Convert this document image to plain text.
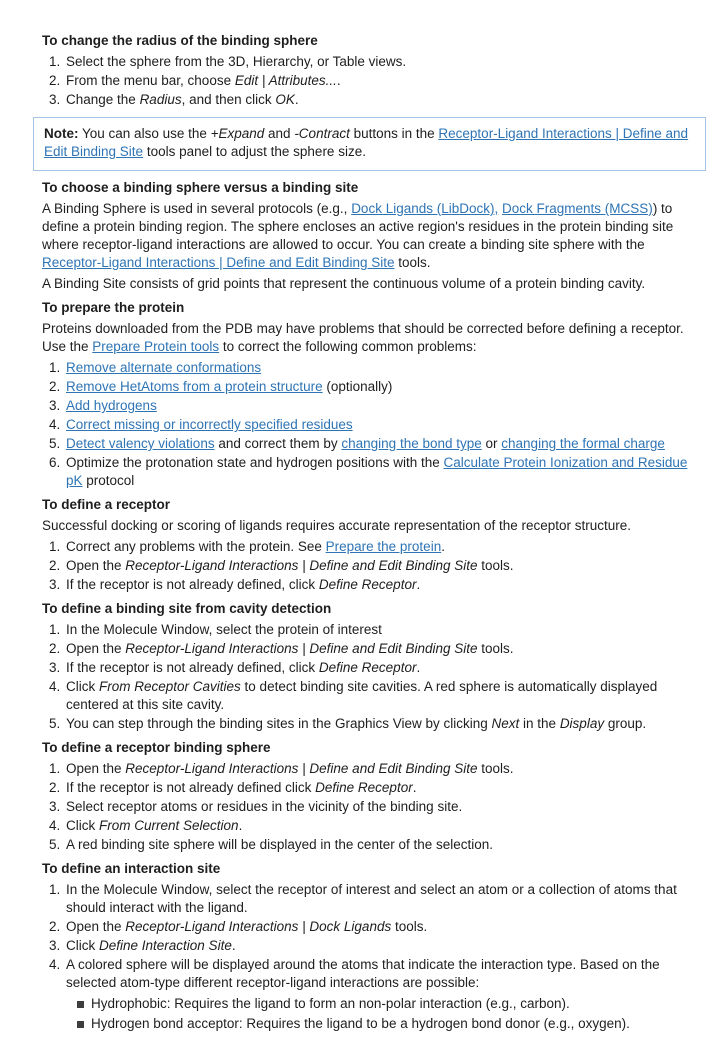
To change the radius of the binding sphere
1. Select the sphere from the 3D, Hierarchy, or Table views.
2. From the menu bar, choose Edit | Attributes....
3. Change the Radius, and then click OK.

Note: You can also use the +Expand and -Contract buttons in the Receptor-Ligand Interactions | Define and Edit Binding Site tools panel to adjust the sphere size.

To choose a binding sphere versus a binding site

A Binding Sphere is used in several protocols (e.g., Dock Ligands (LibDock), Dock Fragments (MCSS)) to define a protein binding region. The sphere encloses an active region's residues in the protein binding site where receptor-ligand interactions are allowed to occur. You can create a binding site sphere with the Receptor-Ligand Interactions | Define and Edit Binding Site tools.

A Binding Site consists of grid points that represent the continuous volume of a protein binding cavity.

To prepare the protein

Proteins downloaded from the PDB may have problems that should be corrected before defining a receptor. Use the Prepare Protein tools to correct the following common problems:

1. Remove alternate conformations
2. Remove HetAtoms from a protein structure (optionally)
3. Add hydrogens
4. Correct missing or incorrectly specified residues
5. Detect valency violations and correct them by changing the bond type or changing the formal charge
6. Optimize the protonation state and hydrogen positions with the Calculate Protein Ionization and Residue pK protocol
To define a receptor

Successful docking or scoring of ligands requires accurate representation of the receptor structure.

1. Correct any problems with the protein. See Prepare the protein.
2. Open the Receptor-Ligand Interactions | Define and Edit Binding Site tools.
3. If the receptor is not already defined, click Define Receptor.
To define a binding site from cavity detection
1. In the Molecule Window, select the protein of interest
2. Open the Receptor-Ligand Interactions | Define and Edit Binding Site tools.
3. If the receptor is not already defined, click Define Receptor.
4. Click From Receptor Cavities to detect binding site cavities. A red sphere is automatically displayed centered at this site cavity.
5. You can step through the binding sites in the Graphics View by clicking Next in the Display group.
To define a receptor binding sphere
1. Open the Receptor-Ligand Interactions | Define and Edit Binding Site tools.
2. If the receptor is not already defined click Define Receptor.
3. Select receptor atoms or residues in the vicinity of the binding site.
4. Click From Current Selection.
5. A red binding site sphere will be displayed in the center of the selection.
To define an interaction site
1. In the Molecule Window, select the receptor of interest and select an atom or a collection of atoms that should interact with the ligand.
2. Open the Receptor-Ligand Interactions | Dock Ligands tools.
3. Click Define Interaction Site.
4. A colored sphere will be displayed around the atoms that indicate the interaction type. Based on the selected atom-type different receptor-ligand interactions are possible:
Hydrophobic: Requires the ligand to form an non-polar interaction (e.g., carbon).
Hydrogen bond acceptor: Requires the ligand to be a hydrogen bond donor (e.g., oxygen).
